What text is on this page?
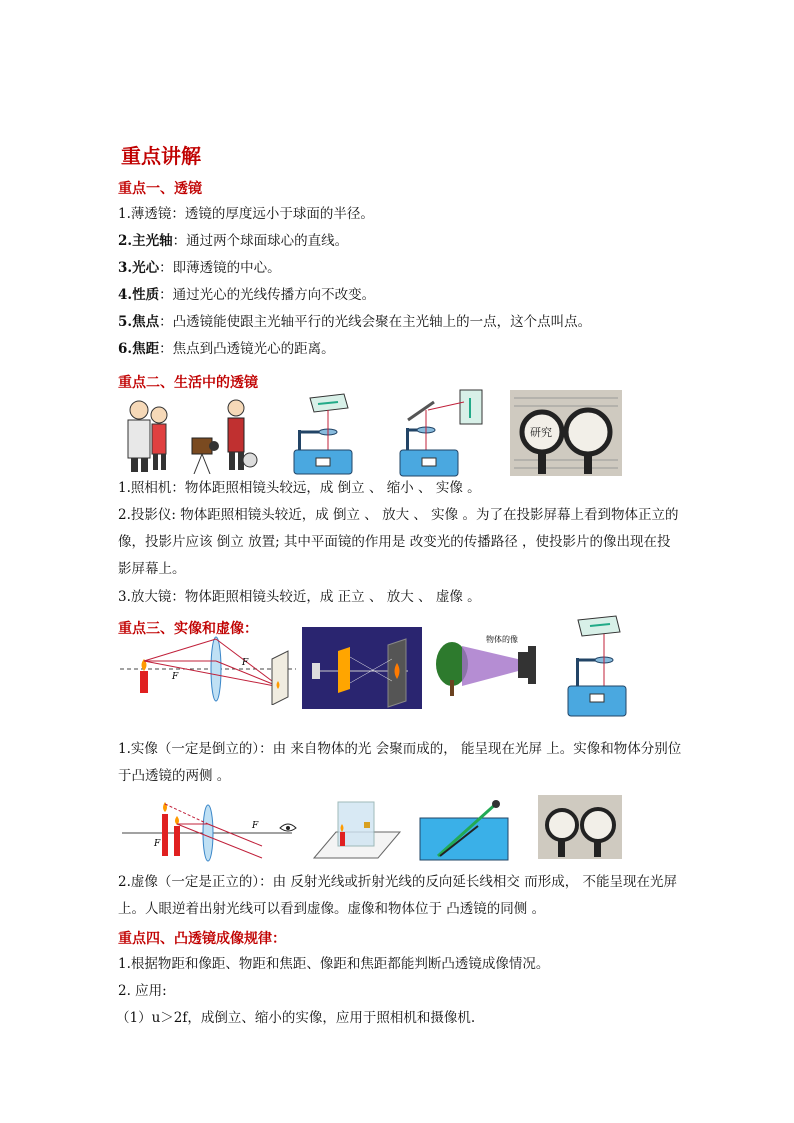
重点讲解
重点一、透镜
1.薄透镜：透镜的厚度远小于球面的半径。
2.主光轴：通过两个球面球心的直线。
3.光心：即薄透镜的中心。
4.性质：通过光心的光线传播方向不改变。
5.焦点：凸透镜能使跟主光轴平行的光线会聚在主光轴上的一点，这个点叫点。
6.焦距：焦点到凸透镜光心的距离。
重点二、生活中的透镜
研究
1.照相机：物体距照相镜头较远，成 倒立 、 缩小 、 实像 。
2.投影仪: 物体距照相镜头较近，成 倒立 、 放大 、 实像 。为了在投影屏幕上看到物体正立的像，投影片应该 倒立 放置; 其中平面镜的作用是 改变光的传播路径 ，使投影片的像出现在投影屏幕上。
3.放大镜：物体距照相镜头较近，成 正立 、 放大 、 虚像 。
重点三、实像和虚像：
F
F
物体的像
1.实像（一定是倒立的）：由 来自物体的光 会聚而成的， 能呈现在光屏 上。实像和物体分别位于凸透镜的两侧 。
F
F
2.虚像（一定是正立的）：由 反射光线或折射光线的反向延长线相交 而形成， 不能呈现在光屏上。人眼逆着出射光线可以看到虚像。虚像和物体位于 凸透镜的同侧 。
重点四、凸透镜成像规律：
1.根据物距和像距、物距和焦距、像距和焦距都能判断凸透镜成像情况。
2. 应用:
（1）u＞2f，成倒立、缩小的实像，应用于照相机和摄像机.
